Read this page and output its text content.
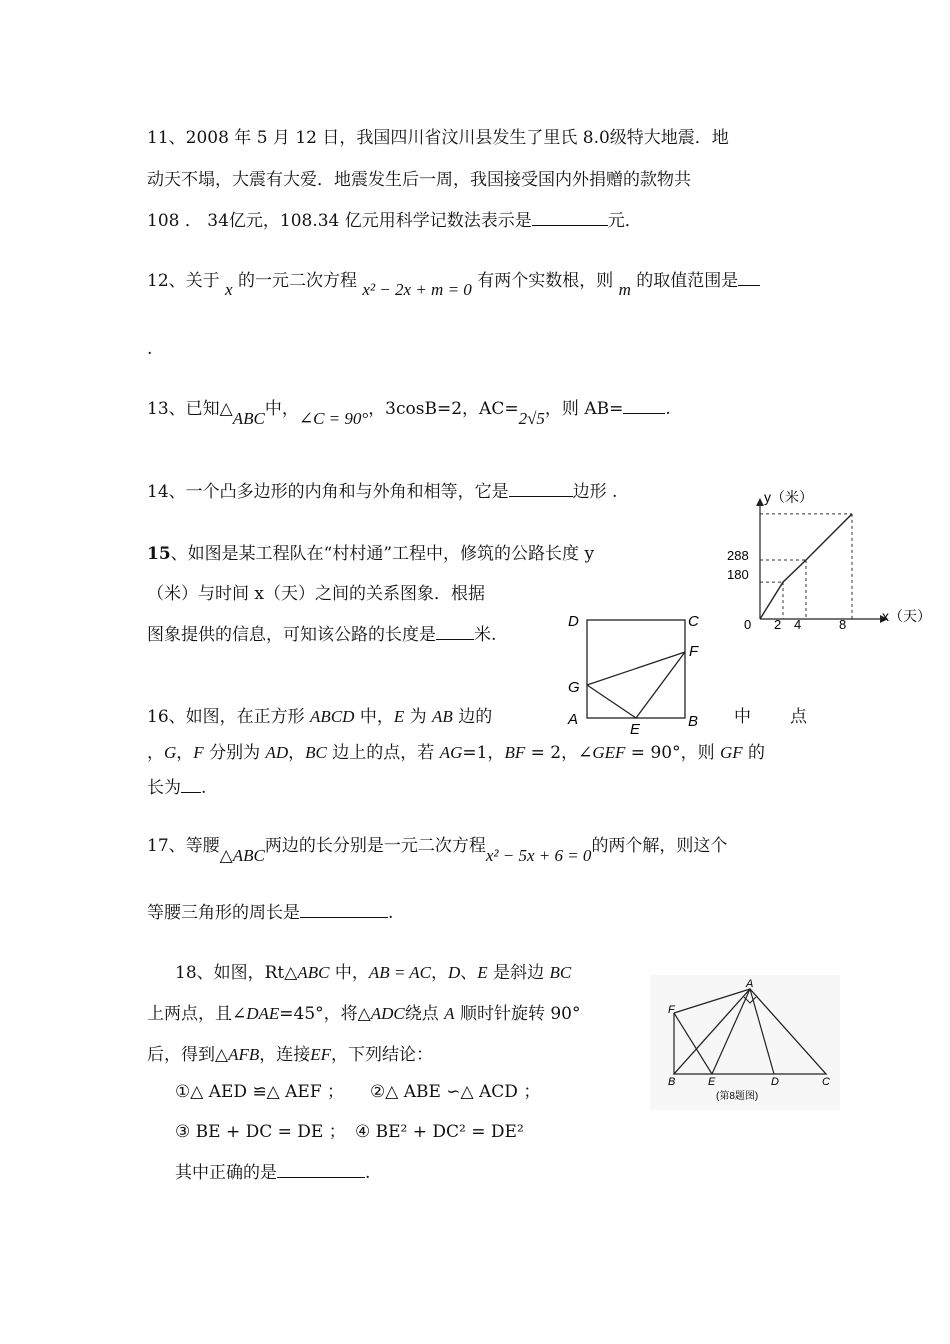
11、2008 年 5 月 12 日，我国四川省汶川县发生了里氏 8.0级特大地震．地
动天不塌，大震有大爱．地震发生后一周，我国接受国内外捐赠的款物共
108 ． 34亿元，108.34 亿元用科学记数法表示是	元．
12、关于 x 的一元二次方程 x² − 2x + m = 0 有两个实数根，则 m 的取值范围是
.
13、已知△ABC中，∠C = 90°，3cosB=2，AC=2√5，则 AB= .
14、一个凸多边形的内角和与外角和相等，它是	边形 .
15、如图是某工程队在“村村通”工程中，修筑的公路长度 y
（米）与时间 x（天）之间的关系图象．根据
图象提供的信息，可知该公路的长度是 米.
y（米）
x（天）
288
180
0 2 4	8
16、如图，在正方形 ABCD 中，E 为 AB 边的	中 点
，G，F 分别为 AD，BC 边上的点，若 AG=1，BF = 2，∠GEF = 90°，则 GF 的
长为 .
D	C
F
G
A
E	B
17、等腰△ABC两边的长分别是一元二次方程x² − 5x + 6 = 0的两个解，则这个
等腰三角形的周长是	.
18、如图，Rt△ABC 中，AB = AC，D、E 是斜边 BC
上两点，且∠DAE=45°，将△ADC绕点 A 顺时针旋转 90°
后，得到△AFB，连接EF，下列结论：
①△ AED ≌△ AEF ； ②△ ABE ∽△ ACD ；
③ BE + DC = DE ； ④ BE² + DC² = DE²
其中正确的是	.
A
F
B	E	D	C
(第8题图)
